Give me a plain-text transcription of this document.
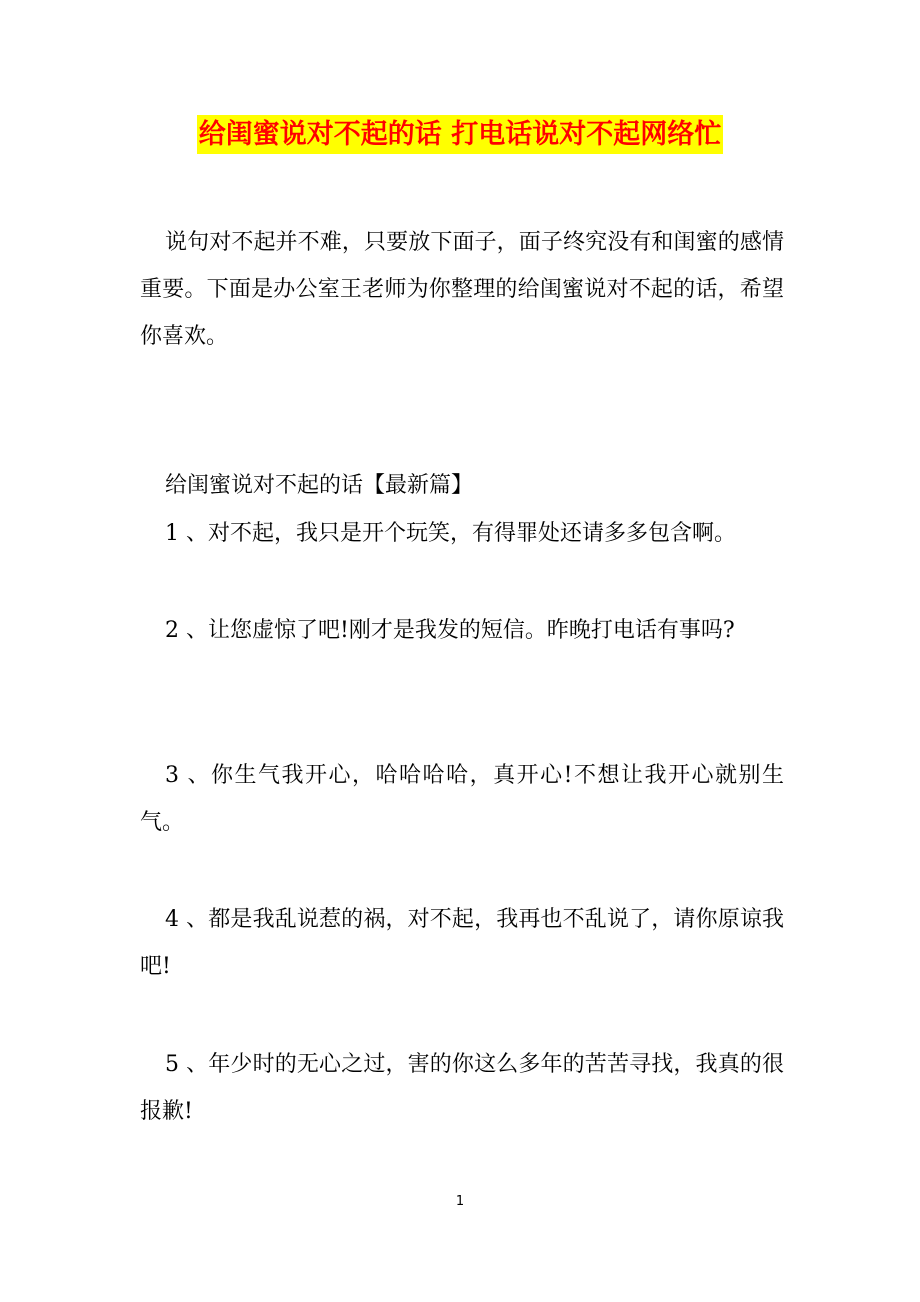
给闺蜜说对不起的话 打电话说对不起网络忙

说句对不起并不难，只要放下面子，面子终究没有和闺蜜的感情重要。下面是办公室王老师为你整理的给闺蜜说对不起的话，希望你喜欢。

给闺蜜说对不起的话【最新篇】

1 、对不起，我只是开个玩笑，有得罪处还请多多包含啊。

2 、让您虚惊了吧!刚才是我发的短信。昨晚打电话有事吗?

3 、你生气我开心，哈哈哈哈，真开心!不想让我开心就别生气。

4 、都是我乱说惹的祸，对不起，我再也不乱说了，请你原谅我吧!

5 、年少时的无心之过，害的你这么多年的苦苦寻找，我真的很报歉!

1
